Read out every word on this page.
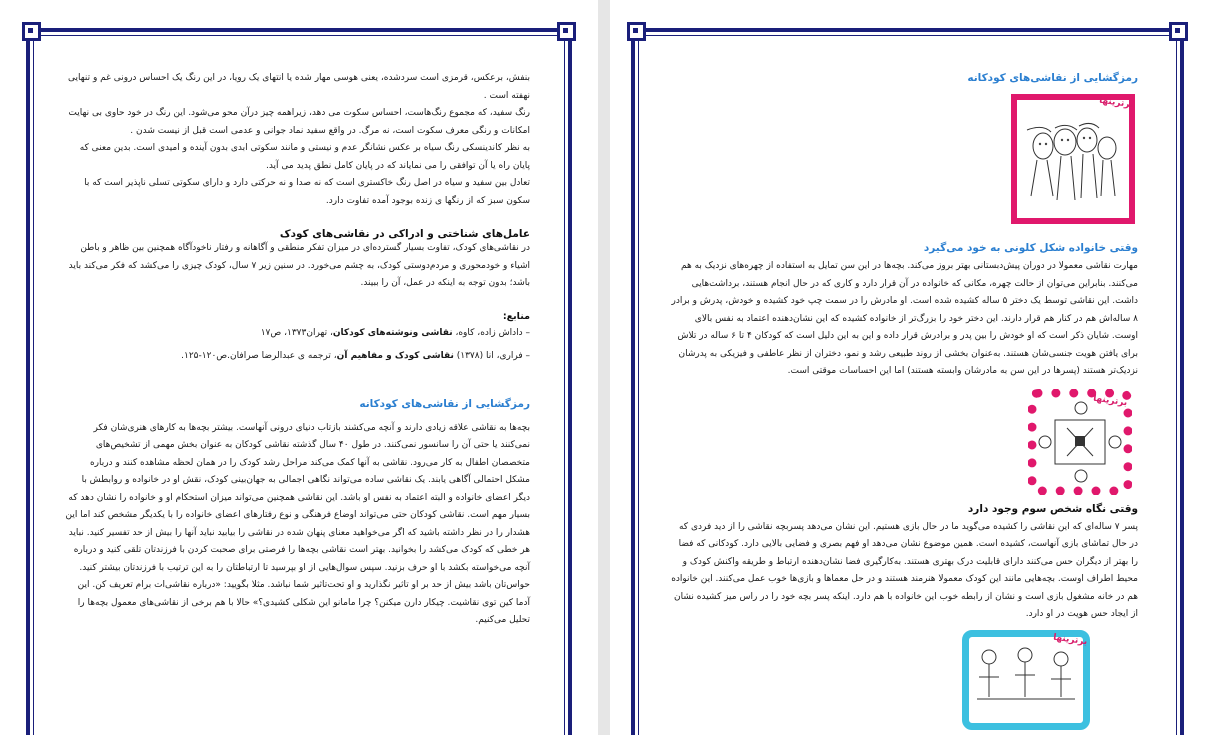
بنفش، برعکس، قرمزی است سرد‌شده، یعنی هوسی مهار شده یا انتهای یک رویا، در این رنگ یک احساس درونی غم و تنهایی نهفته است .

رنگ سفید، که مجموع رنگ‌هاست، احساس سکوت می دهد، زیراهمه چیز درآن محو می‌شود. این رنگ در خود حاوی بی نهایت امکانات و رنگی معرف سکوت است، نه مرگ. در واقع سفید نماد جوانی و عدمی است قبل از نیست شدن .

به نظر کاندینسکی رنگ سیاه بر عکس نشانگر عدم و نیستی و مانند سکوتی ابدی بدون آینده و امیدی است. بدین معنی که پایان راه یا آن توافقی را می نمایاند که در پایان کامل نطق پدید می آید.

تعادل بین سفید و سیاه در اصل رنگ خاکستری است که نه صدا و نه حرکتی دارد و دارای سکوتی تسلی ناپذیر است که با سکون سبز که از رنگها ی زنده بوجود آمده تفاوت دارد.

عامل‌های شناختی و ادراکی در نقاشی‌های کودک

در نقاشی‌های کودک، تفاوت بسیار گسترده‌ای در میزان تفکر منطقی و آگاهانه و رفتار ناخودآگاه همچنین بین ظاهر و باطن اشیاء و خودمحوری و مردم‌دوستی کودک، به چشم می‌خورد. در سنین زیر ۷ سال، کودک چیزی را می‌کشد که فکر می‌کند باید باشد؛ بدون توجه به اینکه در عمل، آن را ببیند.

منابع:

– داداش زاده، کاوه، نقاشی ونوشته‌های کودکان، تهران۱۳۷۳، ص۱۷

– فراری، انا (۱۳۷۸) نقاشی کودک و مفاهیم آن، ترجمه ی عبدالرضا صرافان.ص۱۲۰-۱۲۵.

رمزگشایی از نقاشی‌های کودکانه

بچه‌ها به نقاشی علاقه زیادی دارند و آنچه می‌کشند بازتاب دنیای درونی آنهاست. بیشتر بچه‌ها به کارهای هنری‌شان فکر نمی‌کنند یا حتی آن را سانسور نمی‌کنند. در طول ۴۰ سال گذشته نقاشی کودکان به عنوان بخش مهمی از تشخیص‌های متخصصان اطفال به کار می‌رود. نقاشی به آنها کمک می‌کند مراحل رشد کودک را در همان لحظه مشاهده کنند و درباره مشکل احتمالی آگاهی یابند. یک نقاشی ساده می‌تواند نگاهی اجمالی به جهان‌بینی کودک، نقش او در خانواده و روابطش با دیگر اعضای خانواده و البته اعتماد به نفس او باشد. این نقاشی همچنین می‌تواند میزان استحکام او و خانواده را نشان دهد که بسیار مهم است. نقاشی کودکان حتی می‌تواند اوضاع فرهنگی و نوع رفتارهای اعضای خانواده را با یکدیگر مشخص کند اما این هشدار را در نظر داشته باشید که اگر می‌خواهید معنای پنهان شده در نقاشی را بیابید نباید آنها را بیش از حد تفسیر کنید. نباید هر خطی که کودک می‌کشد را بخوانید. بهتر است نقاشی بچه‌ها را فرصتی برای صحبت کردن با فرزندتان تلقی کنید و درباره آنچه می‌خواسته بکشد با او حرف بزنید. سپس سوال‌هایی از او بپرسید تا ارتباطتان را به این ترتیب با فرزندتان بیشتر کنید. حواس‌تان باشد بیش از حد بر او تاثیر نگذارید و او تحت‌تاثیر شما نباشد. مثلا بگویید: «درباره نقاشی‌ات برام تعریف کن. این آدما کین توی نقاشیت. چیکار دارن میکنن؟ چرا مامانو این شکلی کشیدی؟» حالا با هم برخی از نقاشی‌های معمول بچه‌ها را تحلیل می‌کنیم.

رمزگشایی از نقاشی‌های کودکانه
برترینها
وقتی خانواده شکل کلونی به خود می‌گیرد

مهارت نقاشی معمولا در دوران پیش‌دبستانی بهتر بروز می‌کند. بچه‌ها در این سن تمایل به استفاده از چهره‌های نزدیک به هم می‌کنند. بنابراین می‌توان از حالت چهره، مکانی که خانواده در آن قرار دارد و کاری که در حال انجام هستند، برداشت‌هایی داشت. این نقاشی توسط یک دختر ۵ ساله کشیده شده است. او مادرش را در سمت چپ خود کشیده و خودش، پدرش و برادر ۸ ساله‌اش هم در کنار هم قرار دارند. این دختر خود را بزرگ‌تر از خانواده کشیده که این نشان‌دهنده اعتماد به نفس بالای اوست. شایان ذکر است که او خودش را بین پدر و برادرش قرار داده و این به این دلیل است که کودکان ۴ تا ۶ ساله در تلاش برای یافتن هویت جنسی‌شان هستند. به‌عنوان بخشی از روند طبیعی رشد و نمو، دختران از نظر عاطفی و فیزیکی به پدرشان نزدیک‌تر هستند (پسرها در این سن به مادرشان وابسته هستند) اما این احساسات موقتی است.

برترینها
وقتی نگاه شخص سوم وجود دارد

پسر ۷ ساله‌ای که این نقاشی را کشیده می‌گوید ما در حال بازی هستیم. این نشان می‌دهد پسربچه نقاشی را از دید فردی که در حال تماشای بازی آنهاست، کشیده است. همین موضوع نشان می‌دهد او فهم بصری و فضایی بالایی دارد. کودکانی که فضا را بهتر از دیگران حس می‌کنند دارای قابلیت درک بهتری هستند. به‌کارگیری فضا نشان‌دهنده ارتباط و طریقه واکنش کودک و محیط اطراف اوست. بچه‌هایی مانند این کودک معمولا هنرمند هستند و در حل معماها و بازی‌ها خوب عمل می‌کنند. این خانواده هم در خانه مشغول بازی است و نشان از رابطه خوب این خانواده با هم دارد. اینکه پسر بچه خود را در راس میز کشیده نشان از ایجاد حس هویت در او دارد.

برترینها
